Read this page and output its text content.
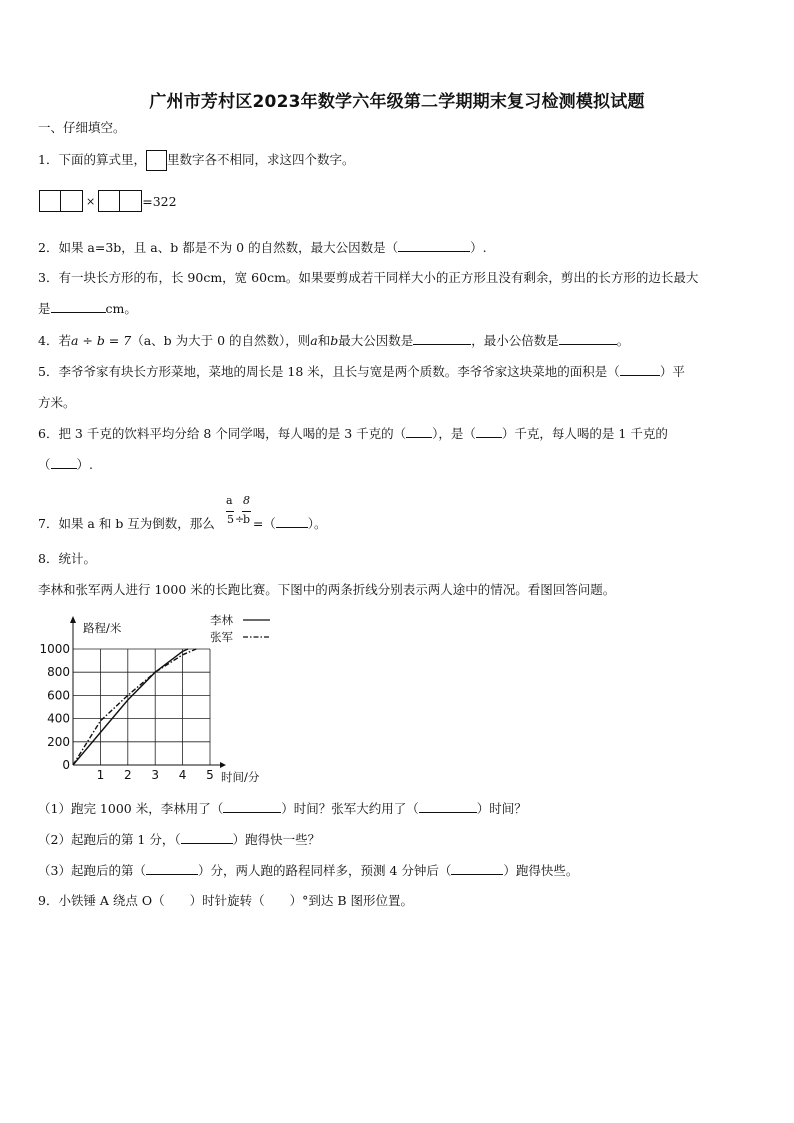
广州市芳村区2023年数学六年级第二学期期末复习检测模拟试题
一、仔细填空。
1．下面的算式里， 里数字各不相同，求这四个数字。
×	=322
2．如果 a=3b，且 a、b 都是不为 0 的自然数，最大公因数是（	）.
3．有一块长方形的布，长 90cm，宽 60cm。如果要剪成若干同样大小的正方形且没有剩余，剪出的长方形的边长最大
是	cm。
4．若a ÷ b = 7（a、b 为大于 0 的自然数），则a和b最大公因数是	，最小公倍数是	。
5．李爷爷家有块长方形菜地，菜地的周长是 18 米，且长与宽是两个质数。李爷爷家这块菜地的面积是（	）平
方米。
6．把 3 千克的饮料平均分给 8 个同学喝，每人喝的是 3 千克的（ ），是（ ）千克，每人喝的是 1 千克的
（ ）.
7．如果 a 和 b 互为倒数，那么	=（	）。
a
5 ÷
8
b
8．统计。
李林和张军两人进行 1000 米的长跑比赛。下图中的两条折线分别表示两人途中的情况。看图回答问题。
0
200
400
600
800
1000
1 2 3 4 5
路程/米
时间/分
李林
张军
（1）跑完 1000 米，李林用了（	）时间？张军大约用了（	）时间？
（2）起跑后的第 1 分，（	）跑得快一些？
（3）起跑后的第（	）分，两人跑的路程同样多，预测 4 分钟后（	）跑得快些。
9．小铁锤 A 绕点 O（　　）时针旋转（　　）°到达 B 图形位置。
